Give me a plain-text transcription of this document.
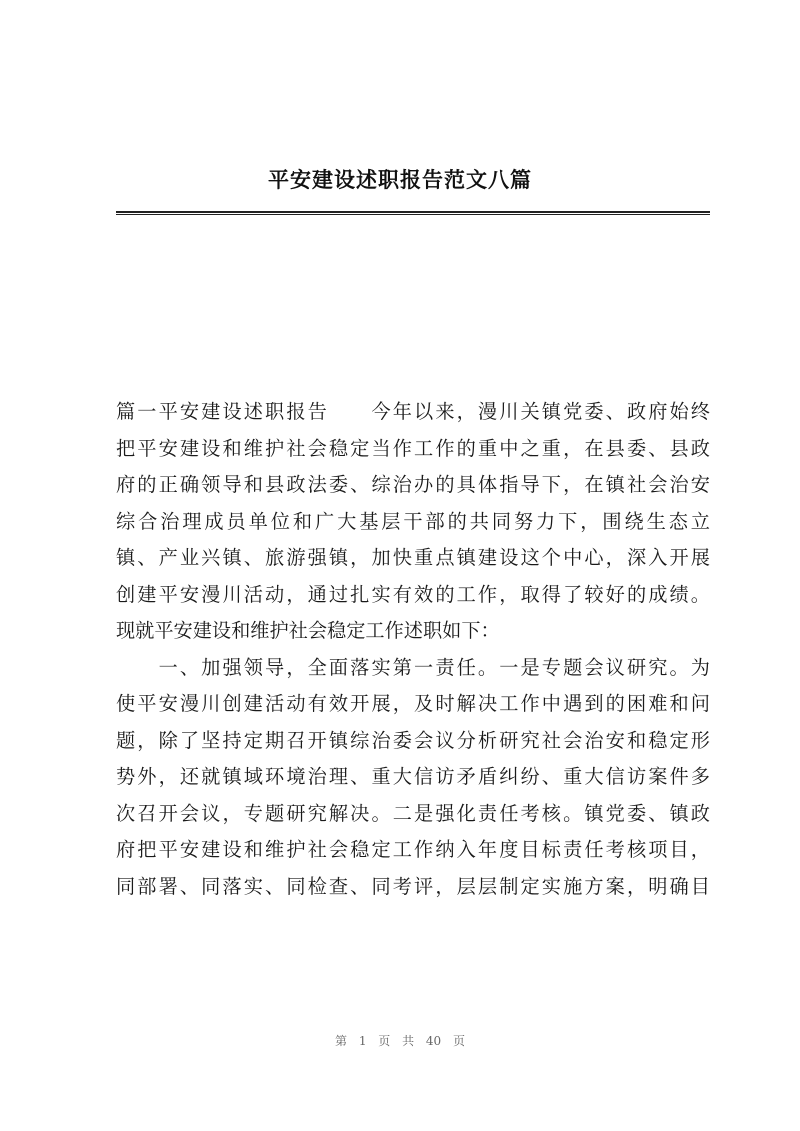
平安建设述职报告范文八篇
篇一平安建设述职报告　　今年以来，漫川关镇党委、政府始终
把平安建设和维护社会稳定当作工作的重中之重，在县委、县政
府的正确领导和县政法委、综治办的具体指导下，在镇社会治安
综合治理成员单位和广大基层干部的共同努力下，围绕生态立
镇、产业兴镇、旅游强镇，加快重点镇建设这个中心，深入开展
创建平安漫川活动，通过扎实有效的工作，取得了较好的成绩。
现就平安建设和维护社会稳定工作述职如下：
　　一、加强领导，全面落实第一责任。一是专题会议研究。为
使平安漫川创建活动有效开展，及时解决工作中遇到的困难和问
题，除了坚持定期召开镇综治委会议分析研究社会治安和稳定形
势外，还就镇域环境治理、重大信访矛盾纠纷、重大信访案件多
次召开会议，专题研究解决。二是强化责任考核。镇党委、镇政
府把平安建设和维护社会稳定工作纳入年度目标责任考核项目，
同部署、同落实、同检查、同考评，层层制定实施方案，明确目
第 1 页 共 40 页
